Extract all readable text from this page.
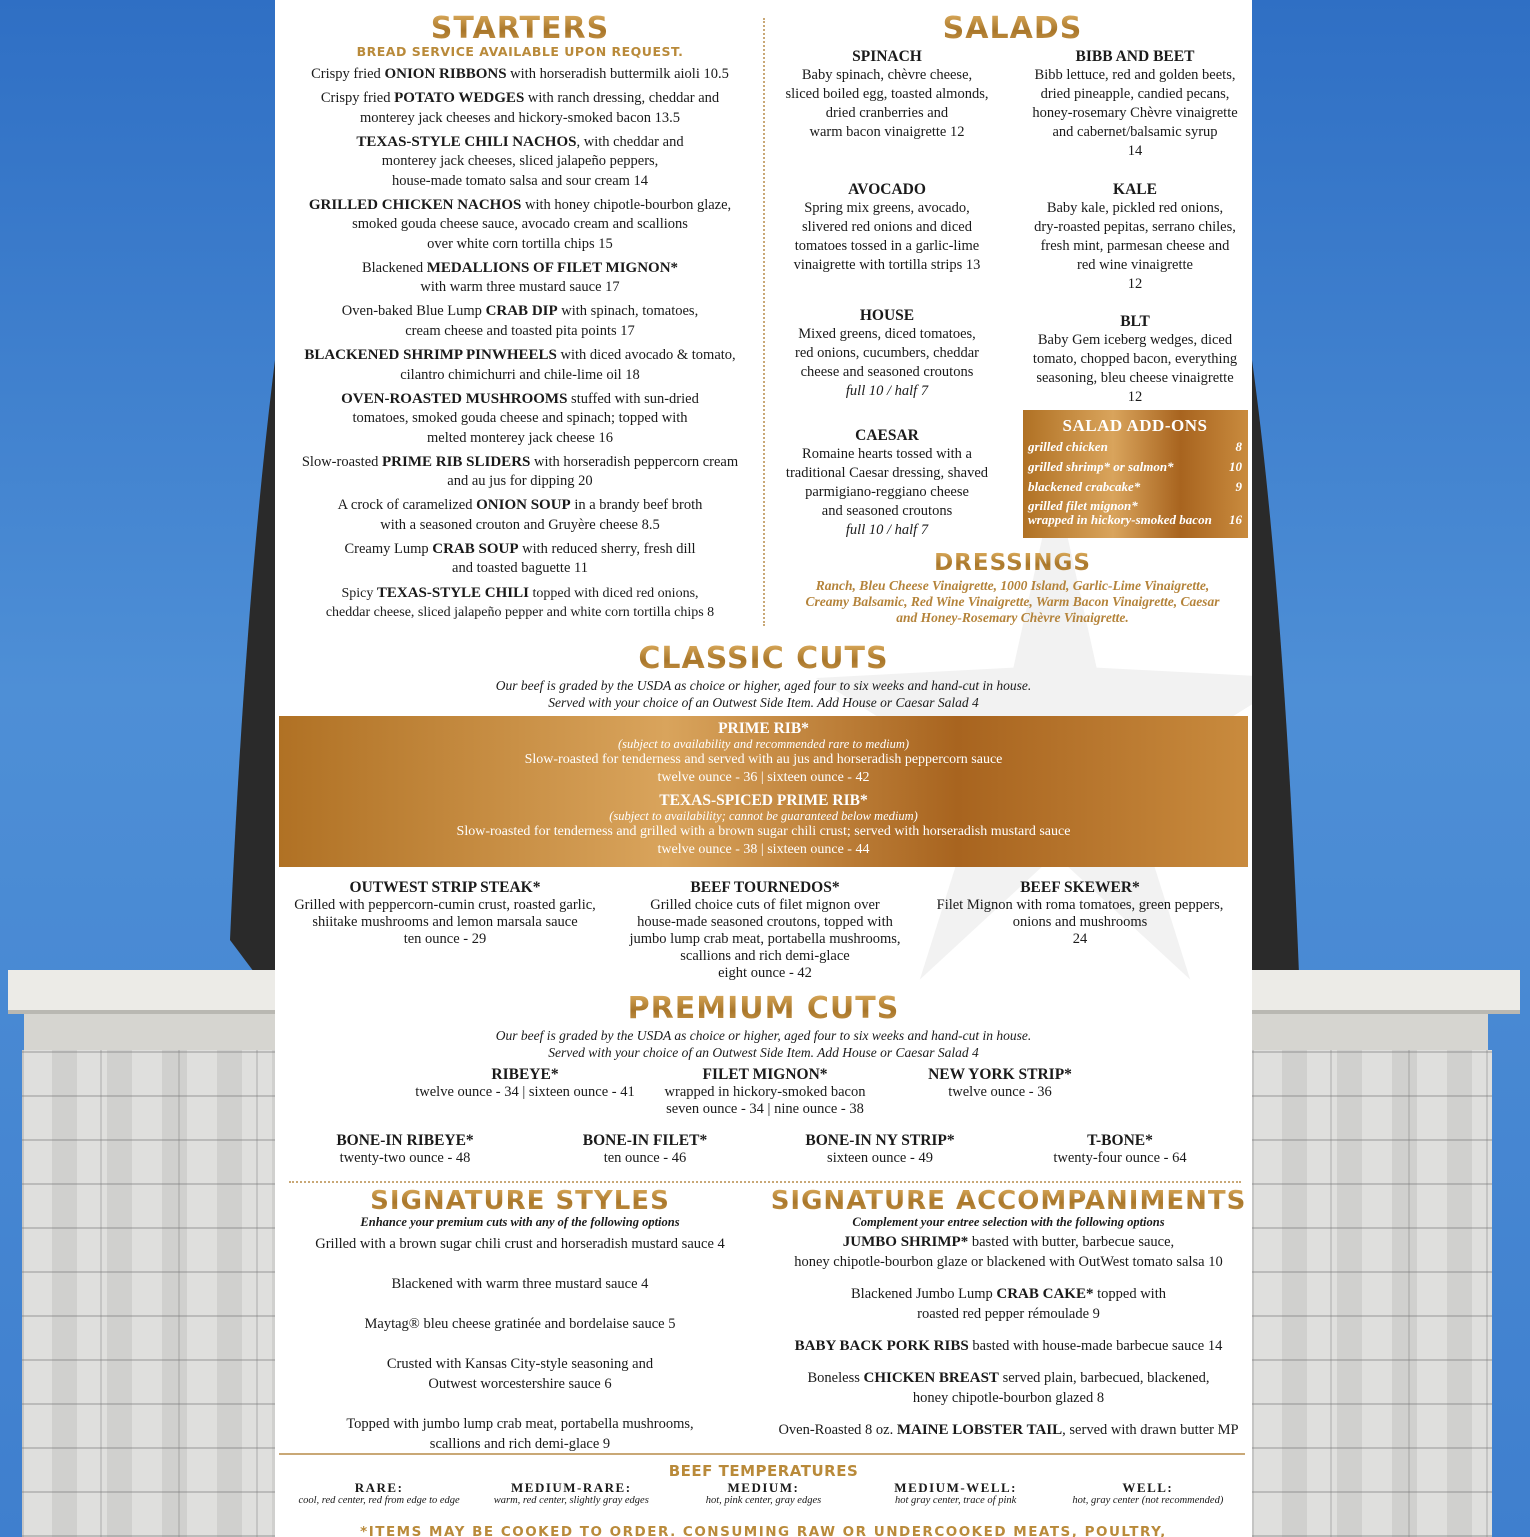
STARTERS
BREAD SERVICE AVAILABLE UPON REQUEST.
Crispy fried ONION RIBBONS with horseradish buttermilk aioli 10.5
Crispy fried POTATO WEDGES with ranch dressing, cheddar and
monterey jack cheeses and hickory-smoked bacon 13.5
TEXAS-STYLE CHILI NACHOS, with cheddar and
monterey jack cheeses, sliced jalapeño peppers,
house-made tomato salsa and sour cream 14
GRILLED CHICKEN NACHOS with honey chipotle-bourbon glaze,
smoked gouda cheese sauce, avocado cream and scallions
over white corn tortilla chips 15
Blackened MEDALLIONS OF FILET MIGNON*
with warm three mustard sauce 17
Oven-baked Blue Lump CRAB DIP with spinach, tomatoes,
cream cheese and toasted pita points 17
BLACKENED SHRIMP PINWHEELS with diced avocado & tomato,
cilantro chimichurri and chile-lime oil 18
OVEN-ROASTED MUSHROOMS stuffed with sun-dried
tomatoes, smoked gouda cheese and spinach; topped with
melted monterey jack cheese 16
Slow-roasted PRIME RIB SLIDERS with horseradish peppercorn cream
and au jus for dipping 20
A crock of caramelized ONION SOUP in a brandy beef broth
with a seasoned crouton and Gruyère cheese 8.5
Creamy Lump CRAB SOUP with reduced sherry, fresh dill
and toasted baguette 11
Spicy TEXAS-STYLE CHILI topped with diced red onions,
cheddar cheese, sliced jalapeño pepper and white corn tortilla chips 8
SALADS
SPINACH

Baby spinach, chèvre cheese,

sliced boiled egg, toasted almonds,

dried cranberries and

warm bacon vinaigrette 12

BIBB AND BEET

Bibb lettuce, red and golden beets,

dried pineapple, candied pecans,

honey-rosemary Chèvre vinaigrette

and cabernet/balsamic syrup

14

AVOCADO

Spring mix greens, avocado,

slivered red onions and diced

tomatoes tossed in a garlic-lime

vinaigrette with tortilla strips 13

KALE

Baby kale, pickled red onions,

dry-roasted pepitas, serrano chiles,

fresh mint, parmesan cheese and

red wine vinaigrette

12

HOUSE

Mixed greens, diced tomatoes,

red onions, cucumbers, cheddar

cheese and seasoned croutons

full 10 / half 7

BLT

Baby Gem iceberg wedges, diced

tomato, chopped bacon, everything

seasoning, bleu cheese vinaigrette

12

CAESAR

Romaine hearts tossed with a

traditional Caesar dressing, shaved

parmigiano-reggiano cheese

and seasoned croutons

full 10 / half 7

SALAD ADD-ONS
grilled chicken	8
grilled shrimp* or salmon*	10
blackened crabcake*	9
grilled filet mignon*
wrapped in hickory-smoked bacon 16
DRESSINGS
Ranch, Bleu Cheese Vinaigrette, 1000 Island, Garlic-Lime Vinaigrette,
Creamy Balsamic, Red Wine Vinaigrette, Warm Bacon Vinaigrette, Caesar
and Honey-Rosemary Chèvre Vinaigrette.
CLASSIC CUTS
Our beef is graded by the USDA as choice or higher, aged four to six weeks and hand-cut in house.
Served with your choice of an Outwest Side Item. Add House or Caesar Salad 4
PRIME RIB*
(subject to availability and recommended rare to medium)
Slow-roasted for tenderness and served with au jus and horseradish peppercorn sauce
twelve ounce - 36 | sixteen ounce - 42
TEXAS-SPICED PRIME RIB*
(subject to availability; cannot be guaranteed below medium)
Slow-roasted for tenderness and grilled with a brown sugar chili crust; served with horseradish mustard sauce
twelve ounce - 38 | sixteen ounce - 44
OUTWEST STRIP STEAK*

Grilled with peppercorn-cumin crust, roasted garlic,

shiitake mushrooms and lemon marsala sauce

ten ounce - 29

BEEF TOURNEDOS*

Grilled choice cuts of filet mignon over

house-made seasoned croutons, topped with

jumbo lump crab meat, portabella mushrooms,

scallions and rich demi-glace

eight ounce - 42

BEEF SKEWER*

Filet Mignon with roma tomatoes, green peppers,

onions and mushrooms

24

PREMIUM CUTS
Our beef is graded by the USDA as choice or higher, aged four to six weeks and hand-cut in house.
Served with your choice of an Outwest Side Item. Add House or Caesar Salad 4
RIBEYE*

twelve ounce - 34 | sixteen ounce - 41

FILET MIGNON*

wrapped in hickory-smoked bacon

seven ounce - 34 | nine ounce - 38

NEW YORK STRIP*

twelve ounce - 36

BONE-IN RIBEYE*

twenty-two ounce - 48

BONE-IN FILET*

ten ounce - 46

BONE-IN NY STRIP*

sixteen ounce - 49

T-BONE*

twenty-four ounce - 64

SIGNATURE STYLES
Enhance your premium cuts with any of the following options
Grilled with a brown sugar chili crust and horseradish mustard sauce 4
Blackened with warm three mustard sauce 4
Maytag® bleu cheese gratinée and bordelaise sauce 5
Crusted with Kansas City-style seasoning and
Outwest worcestershire sauce 6
Topped with jumbo lump crab meat, portabella mushrooms,
scallions and rich demi-glace 9
SIGNATURE ACCOMPANIMENTS
Complement your entree selection with the following options
JUMBO SHRIMP* basted with butter, barbecue sauce,
honey chipotle-bourbon glaze or blackened with OutWest tomato salsa 10
Blackened Jumbo Lump CRAB CAKE* topped with
roasted red pepper rémoulade 9
BABY BACK PORK RIBS basted with house-made barbecue sauce 14
Boneless CHICKEN BREAST served plain, barbecued, blackened,
honey chipotle-bourbon glazed 8
Oven-Roasted 8 oz. MAINE LOBSTER TAIL, served with drawn butter MP
BEEF TEMPERATURES
RARE:

cool, red center, red from edge to edge

MEDIUM-RARE:

warm, red center, slightly gray edges

MEDIUM:

hot, pink center, gray edges

MEDIUM-WELL:

hot gray center, trace of pink

WELL:

hot, gray center (not recommended)

*ITEMS MAY BE COOKED TO ORDER. CONSUMING RAW OR UNDERCOOKED MEATS, POULTRY,
